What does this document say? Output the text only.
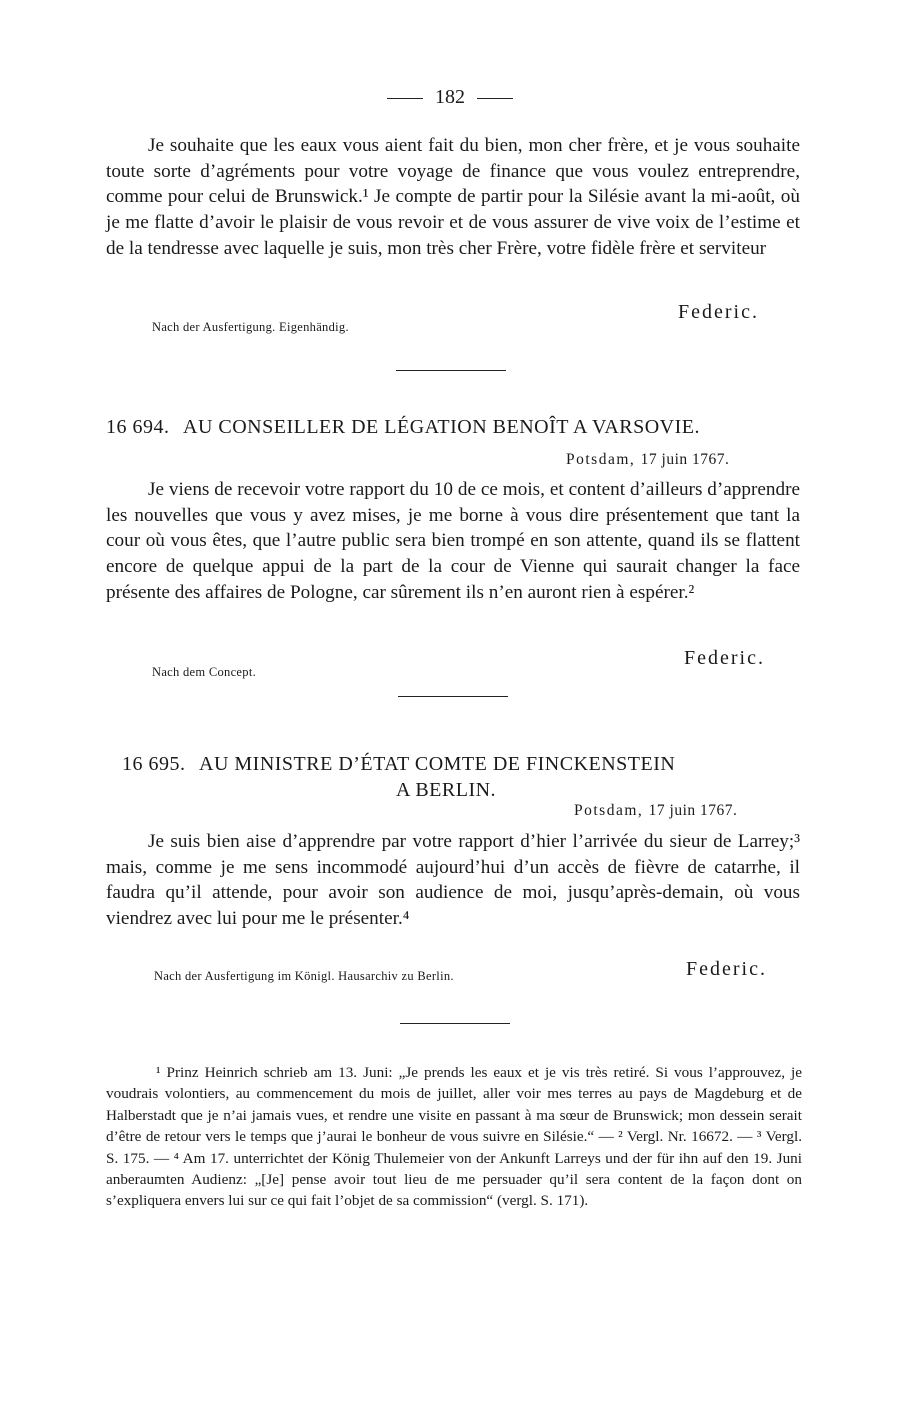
182

Je souhaite que les eaux vous aient fait du bien, mon cher frère, et je vous souhaite toute sorte d’agréments pour votre voyage de finance que vous voulez entreprendre, comme pour celui de Brunswick.¹ Je compte de partir pour la Silésie avant la mi-août, où je me flatte d’avoir le plaisir de vous revoir et de vous assurer de vive voix de l’estime et de la tendresse avec laquelle je suis, mon très cher Frère, votre fidèle frère et serviteur

Federic.
Nach der Ausfertigung. Eigenhändig.
16 694. AU CONSEILLER DE LÉGATION BENOÎT A VARSOVIE.
Potsdam, 17 juin 1767.

Je viens de recevoir votre rapport du 10 de ce mois, et content d’ailleurs d’apprendre les nouvelles que vous y avez mises, je me borne à vous dire présentement que tant la cour où vous êtes, que l’autre public sera bien trompé en son attente, quand ils se flattent encore de quelque appui de la part de la cour de Vienne qui saurait changer la face présente des affaires de Pologne, car sûrement ils n’en auront rien à espérer.²

Federic.
Nach dem Concept.
16 695. AU MINISTRE D’ÉTAT COMTE DE FINCKENSTEIN
A BERLIN.
Potsdam, 17 juin 1767.

Je suis bien aise d’apprendre par votre rapport d’hier l’arrivée du sieur de Larrey;³ mais, comme je me sens incommodé aujourd’hui d’un accès de fièvre de catarrhe, il faudra qu’il attende, pour avoir son audience de moi, jusqu’après-demain, où vous viendrez avec lui pour me le présenter.⁴

Nach der Ausfertigung im Königl. Hausarchiv zu Berlin.	Federic.

¹ Prinz Heinrich schrieb am 13. Juni: „Je prends les eaux et je vis très retiré. Si vous l’approuvez, je voudrais volontiers, au commencement du mois de juillet, aller voir mes terres au pays de Magdeburg et de Halberstadt que je n’ai jamais vues, et rendre une visite en passant à ma sœur de Brunswick; mon dessein serait d’être de retour vers le temps que j’aurai le bonheur de vous suivre en Silésie.“ — ² Vergl. Nr. 16672. — ³ Vergl. S. 175. — ⁴ Am 17. unterrichtet der König Thulemeier von der Ankunft Larreys und der für ihn auf den 19. Juni anberaumten Audienz: „[Je] pense avoir tout lieu de me persuader qu’il sera content de la façon dont on s’expliquera envers lui sur ce qui fait l’objet de sa commission“ (vergl. S. 171).
